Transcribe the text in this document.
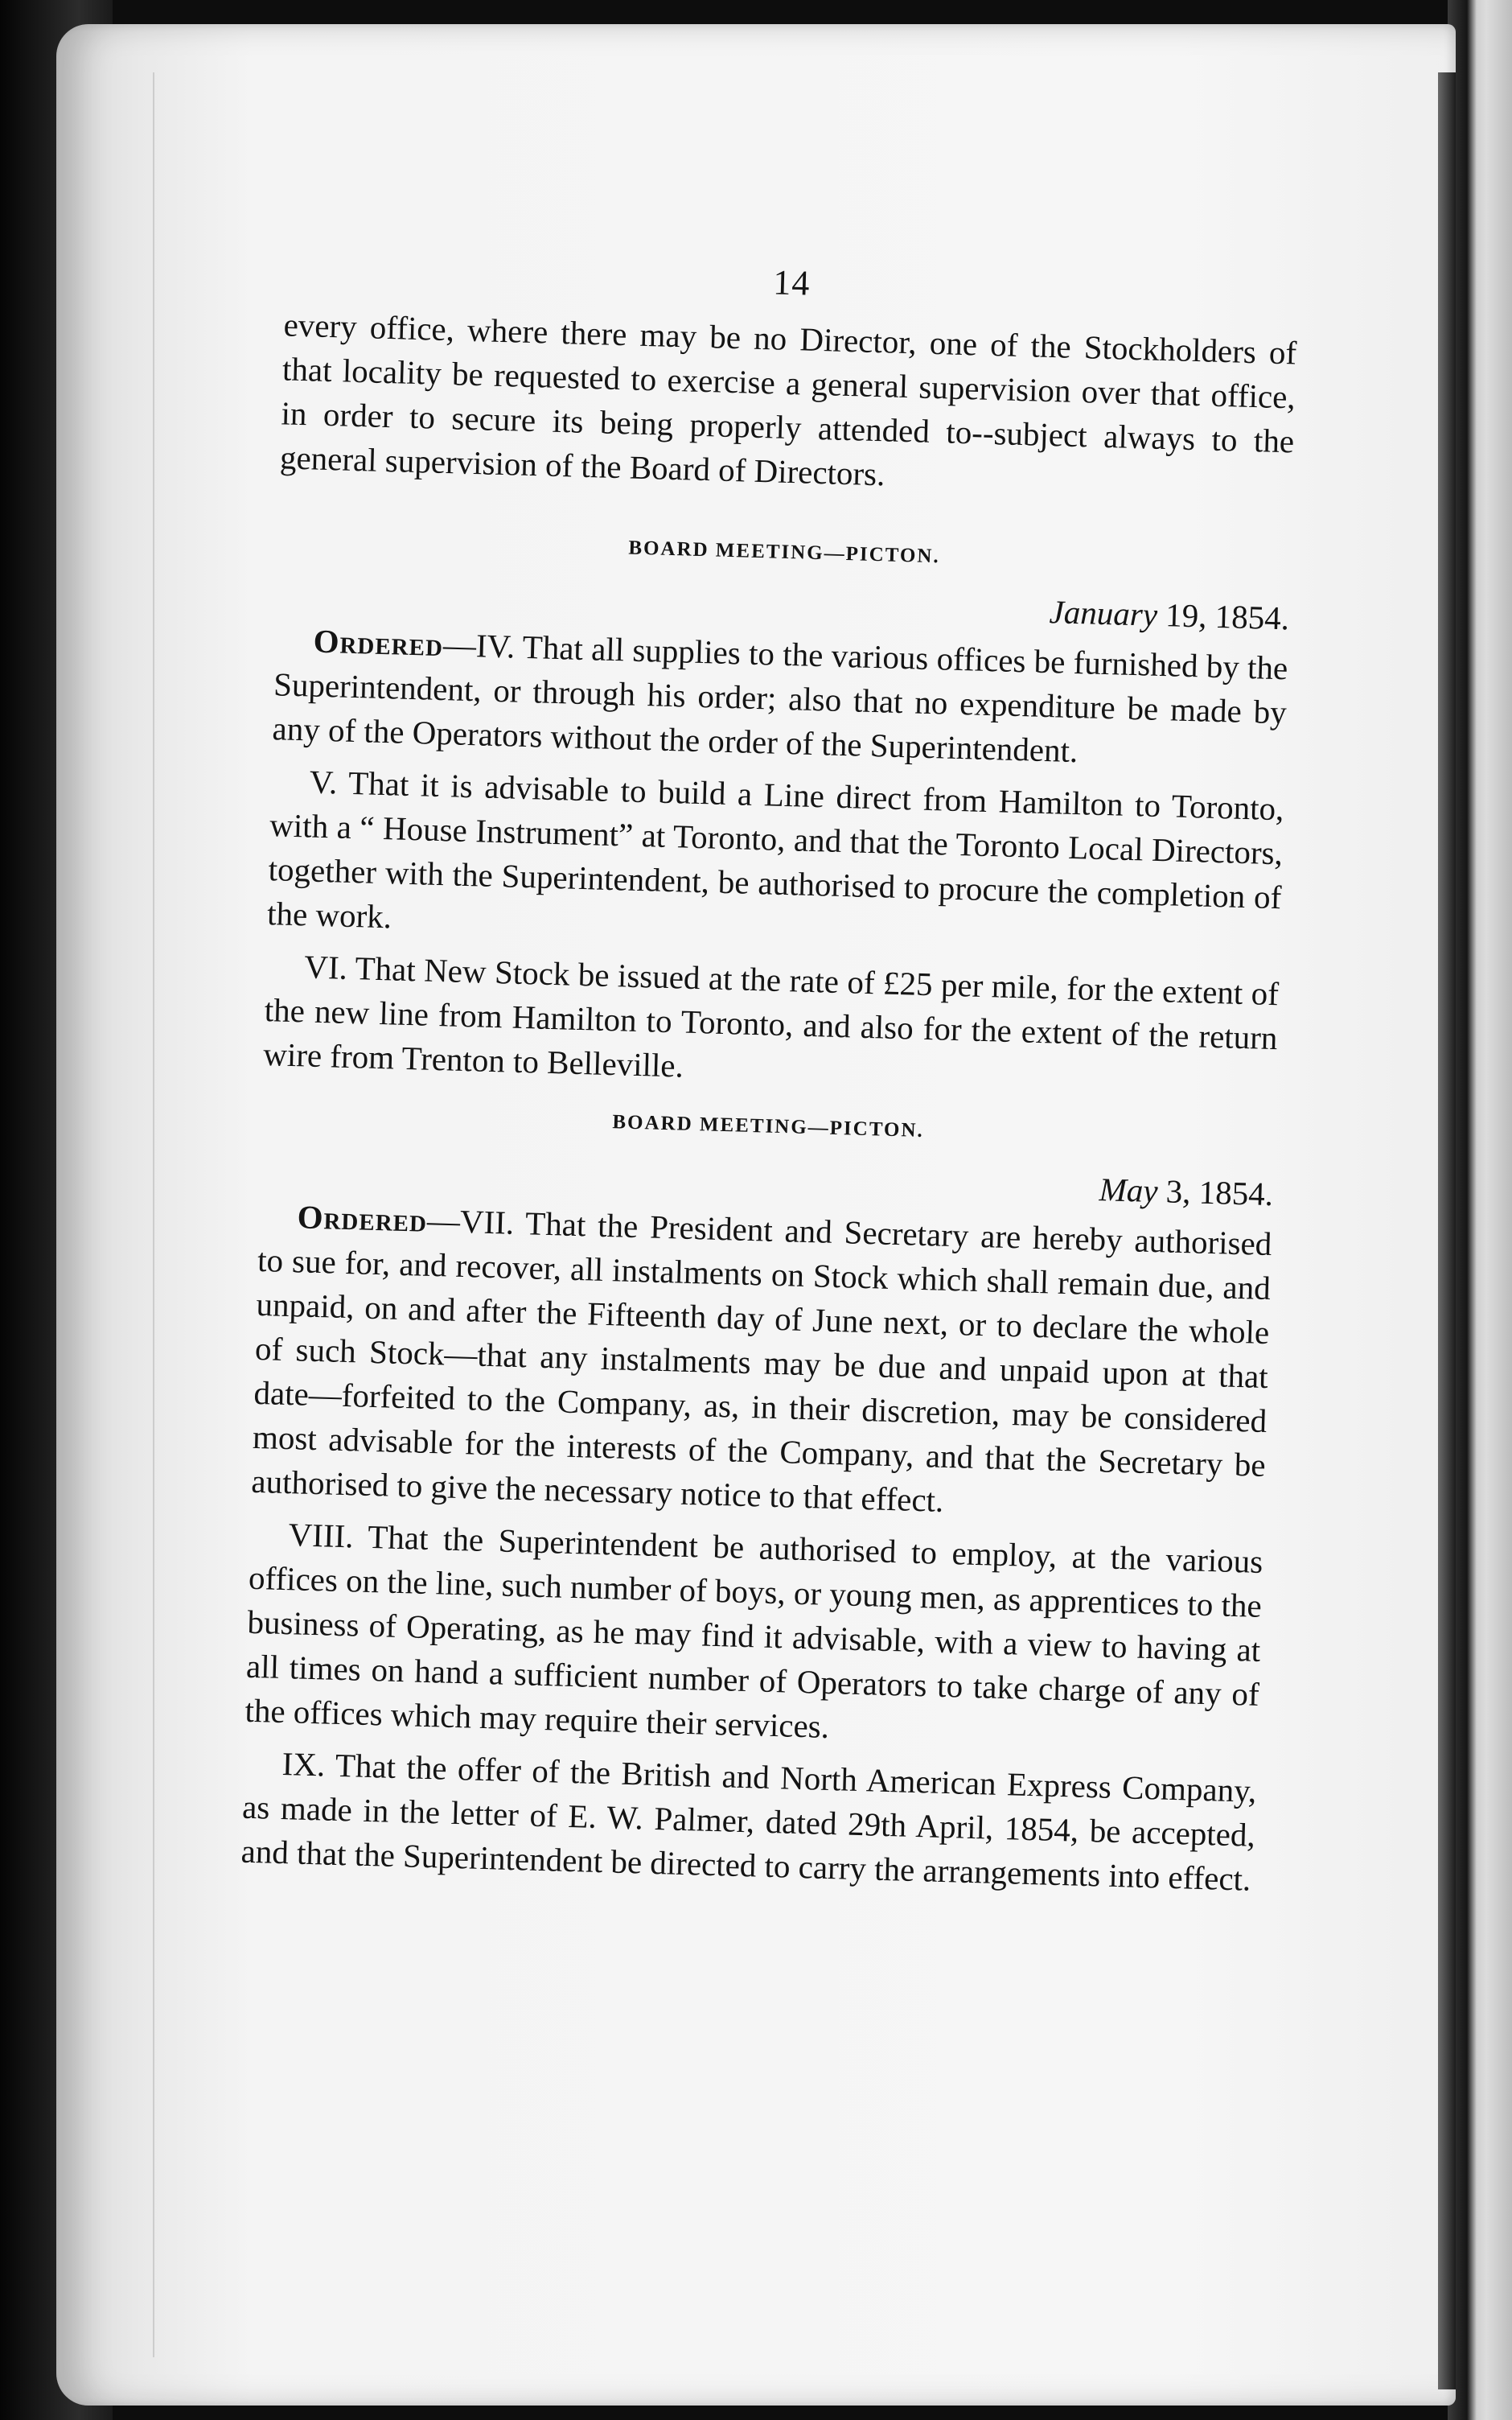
14

every office, where there may be no Director, one of the Stockholders of that locality be requested to exercise a general supervision over that office, in order to secure its being properly attended to--subject always to the general supervision of the Board of Directors.

BOARD MEETING—PICTON.
January 19, 1854.

Ordered—IV. That all supplies to the various offices be furnished by the Superintendent, or through his order; also that no expenditure be made by any of the Operators without the order of the Superintendent.

V. That it is advisable to build a Line direct from Hamilton to Toronto, with a “ House Instrument” at Toronto, and that the Toronto Local Directors, together with the Superintendent, be authorised to procure the completion of the work.

VI. That New Stock be issued at the rate of £25 per mile, for the extent of the new line from Hamilton to Toronto, and also for the extent of the return wire from Trenton to Belleville.

BOARD MEETING—PICTON.
May 3, 1854.

Ordered—VII. That the President and Secretary are hereby authorised to sue for, and recover, all instalments on Stock which shall remain due, and unpaid, on and after the Fifteenth day of June next, or to declare the whole of such Stock—that any instalments may be due and unpaid upon at that date—forfeited to the Company, as, in their discretion, may be considered most advisable for the interests of the Company, and that the Secretary be authorised to give the necessary notice to that effect.

VIII. That the Superintendent be authorised to employ, at the various offices on the line, such number of boys, or young men, as apprentices to the business of Operating, as he may find it advisable, with a view to having at all times on hand a sufficient number of Operators to take charge of any of the offices which may require their services.

IX. That the offer of the British and North American Express Company, as made in the letter of E. W. Palmer, dated 29th April, 1854, be accepted, and that the Superintendent be directed to carry the arrangements into effect.
